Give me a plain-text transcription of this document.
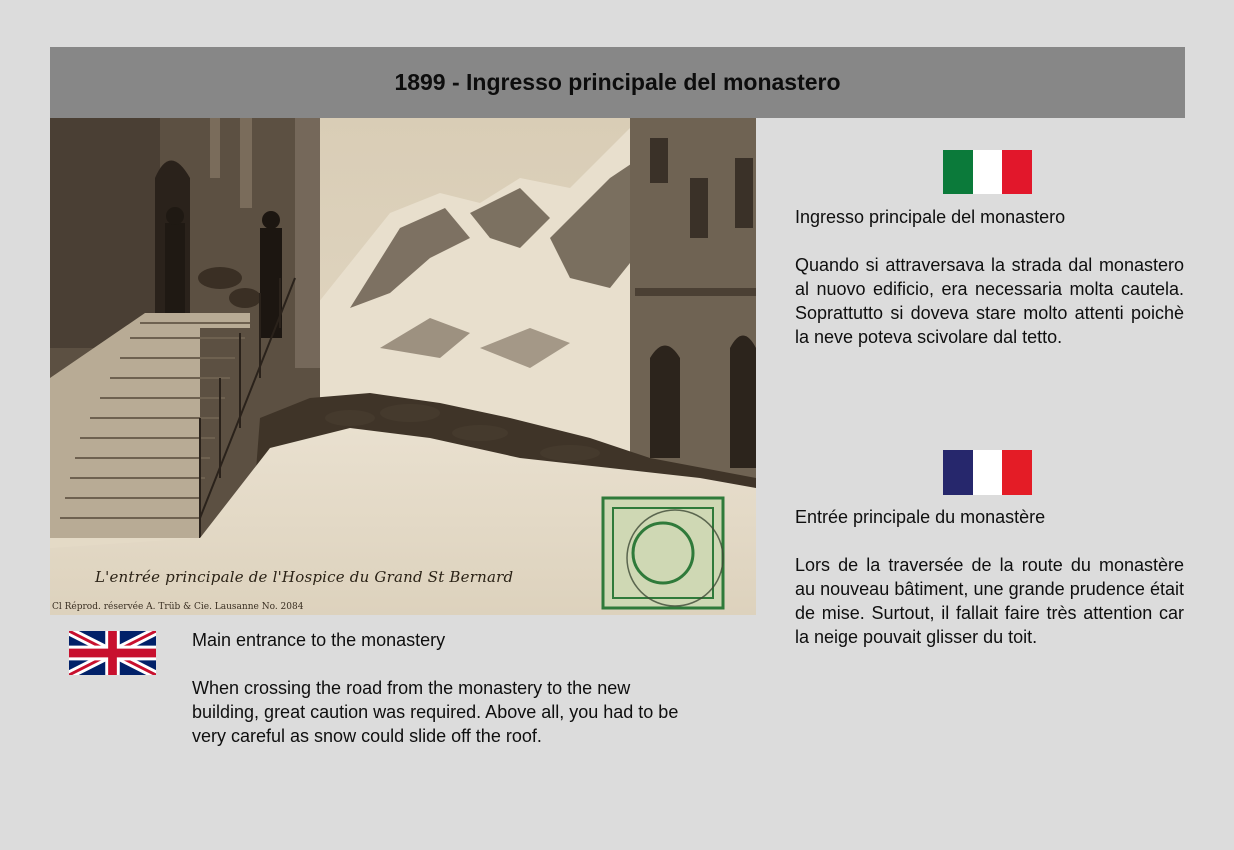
1899 - Ingresso principale del monastero
L'entrée principale de l'Hospice du Grand St Bernard
Cl Réprod. réservée A. Trüb & Cie. Lausanne No. 2084

Ingresso principale del monastero

Quando si attraversava la strada dal monastero al nuovo edificio, era necessaria molta cautela. Soprattutto si doveva stare molto attenti poichè la neve poteva scivolare dal tetto.

Entrée principale du monastère

Lors de la traversée de la route du monastère au nouveau bâtiment, une grande prudence était de mise. Surtout, il fallait faire très attention car la neige pouvait glisser du toit.

Main entrance to the monastery

When crossing the road from the monastery to the new building, great caution was required. Above all, you had to be very careful as snow could slide off the roof.
